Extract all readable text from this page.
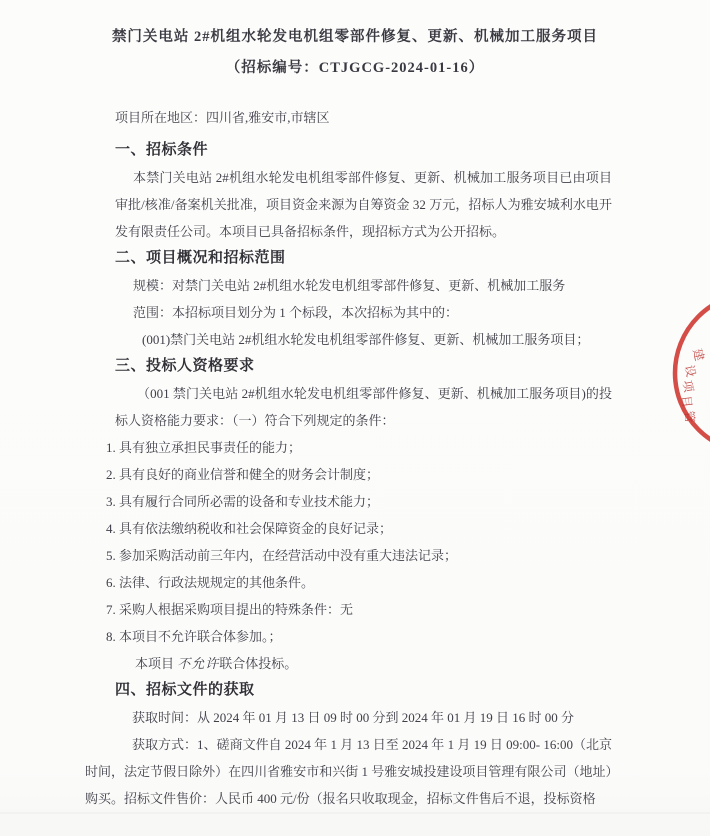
禁门关电站 2#机组水轮发电机组零部件修复、更新、机械加工服务项目
（招标编号：CTJGCG-2024-01-16）

项目所在地区：四川省,雅安市,市辖区

一、招标条件

本禁门关电站 2#机组水轮发电机组零部件修复、更新、机械加工服务项目已由项目审批/核准/备案机关批准，项目资金来源为自筹资金 32 万元，招标人为雅安城利水电开发有限责任公司。本项目已具备招标条件，现招标方式为公开招标。

二、项目概况和招标范围

规模：对禁门关电站 2#机组水轮发电机组零部件修复、更新、机械加工服务

范围：本招标项目划分为 1 个标段，本次招标为其中的：

(001)禁门关电站 2#机组水轮发电机组零部件修复、更新、机械加工服务项目；

三、投标人资格要求

（001 禁门关电站 2#机组水轮发电机组零部件修复、更新、机械加工服务项目)的投标人资格能力要求：（一）符合下列规定的条件：

1. 具有独立承担民事责任的能力；

2. 具有良好的商业信誉和健全的财务会计制度；

3. 具有履行合同所必需的设备和专业技术能力；

4. 具有依法缴纳税收和社会保障资金的良好记录；

5. 参加采购活动前三年内，在经营活动中没有重大违法记录；

6. 法律、行政法规规定的其他条件。

7. 采购人根据采购项目提出的特殊条件：无

8. 本项目不允许联合体参加。；

本项目 不允许联合体投标。

四、招标文件的获取

获取时间：从 2024 年 01 月 13 日 09 时 00 分到 2024 年 01 月 19 日 16 时 00 分

获取方式：1、磋商文件自 2024 年 1 月 13 日至 2024 年 1 月 19 日 09:00- 16:00（北京时间，法定节假日除外）在四川省雅安市和兴街 1 号雅安城投建设项目管理有限公司（地址）购买。招标文件售价：人民币 400 元/份（报名只收取现金，招标文件售后不退，投标资格

建
设
项
目
管
